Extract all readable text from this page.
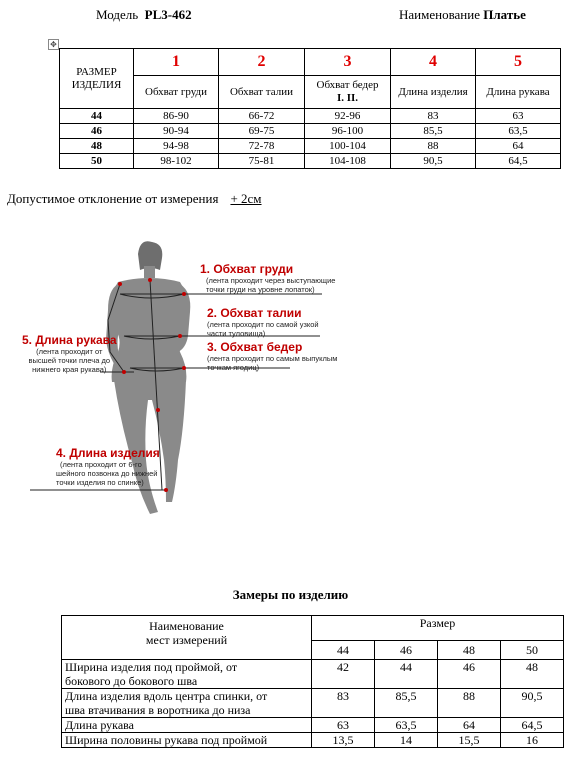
Модель PL3-462	Наименование Платье
✥
РАЗМЕР ИЗДЕЛИЯ	1	2	3	4	5
	Обхват груди	Обхват талии	Обхват бедер
I. II.	Длина изделия	Длина рукава
44	86-90	66-72	92-96	83	63
46	90-94	69-75	96-100	85,5	63,5
48	94-98	72-78	100-104	88	64
50	98-102	75-81	104-108	90,5	64,5
Допустимое отклонение от измерения + 2см
1. Обхват груди
(лента проходит через выступающие
точки груди на уровне лопаток)
2. Обхват талии
(лента проходит по самой узкой
части туловища)
3. Обхват бедер
(лента проходит по самым выпуклым
точкам ягодиц)
4. Длина изделия
(лента проходит от 6-го
шейного позвонка до нижней
точки изделия по спинке)
5. Длина рукава
(лента проходит от
высшей точки плеча до
нижнего края рукава)
Замеры по изделию
Наименование
мест измерений	Размер			
	44	46	48	50
Ширина изделия под проймой, от
бокового до бокового шва	42	44	46	48
Длина изделия вдоль центра спинки, от
шва втачивания в воротника до низа	83	85,5	88	90,5
Длина рукава	63	63,5	64	64,5
Ширина половины рукава под проймой	13,5	14	15,5	16
